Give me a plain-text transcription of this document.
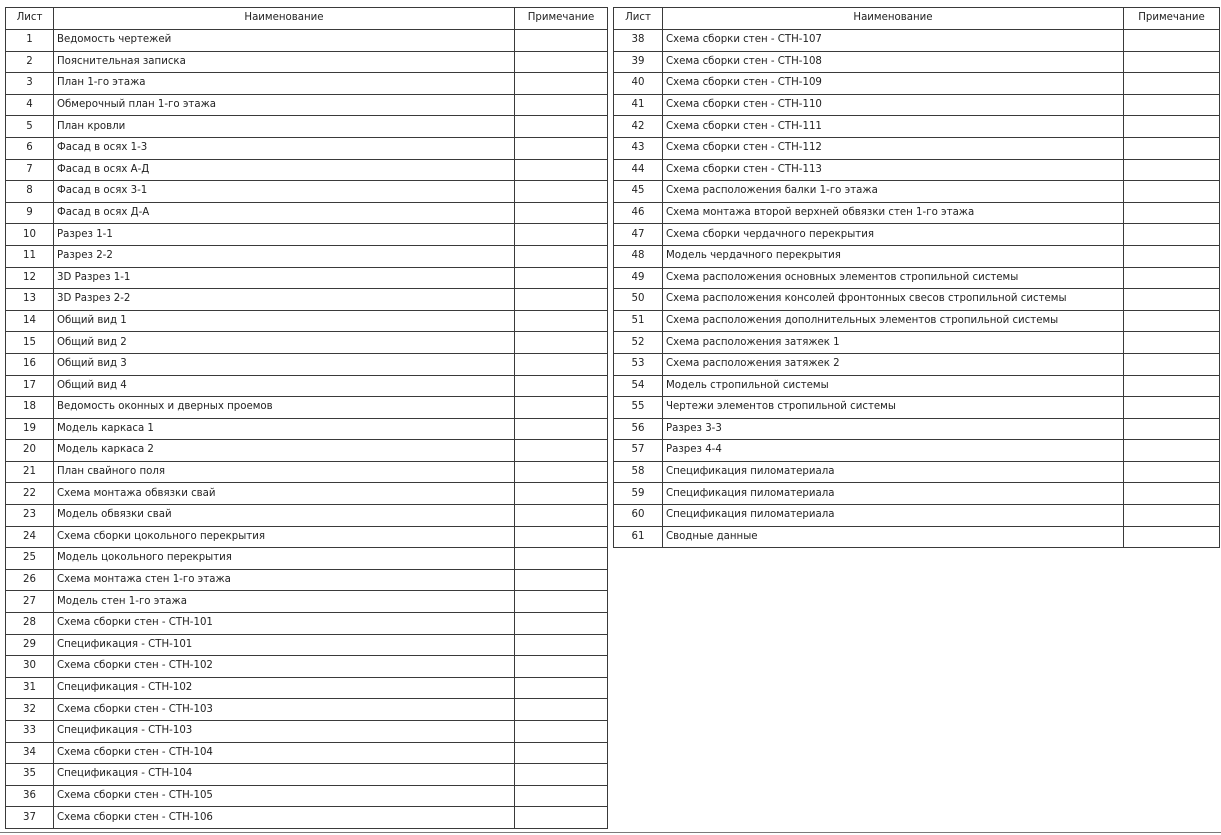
Лист	Наименование	Примечание
1	Ведомость чертежей	
2	Пояснительная записка	
3	План 1-го этажа	
4	Обмерочный план 1-го этажа	
5	План кровли	
6	Фасад в осях 1-3	
7	Фасад в осях А-Д	
8	Фасад в осях 3-1	
9	Фасад в осях Д-А	
10	Разрез 1-1	
11	Разрез 2-2	
12	3D Разрез 1-1	
13	3D Разрез 2-2	
14	Общий вид 1	
15	Общий вид 2	
16	Общий вид 3	
17	Общий вид 4	
18	Ведомость оконных и дверных проемов	
19	Модель каркаса 1	
20	Модель каркаса 2	
21	План свайного поля	
22	Схема монтажа обвязки свай	
23	Модель обвязки свай	
24	Схема сборки цокольного перекрытия	
25	Модель цокольного перекрытия	
26	Схема монтажа стен 1-го этажа	
27	Модель стен 1-го этажа	
28	Схема сборки стен - СТН-101	
29	Спецификация - СТН-101	
30	Схема сборки стен - СТН-102	
31	Спецификация - СТН-102	
32	Схема сборки стен - СТН-103	
33	Спецификация - СТН-103	
34	Схема сборки стен - СТН-104	
35	Спецификация - СТН-104	
36	Схема сборки стен - СТН-105	
37	Схема сборки стен - СТН-106	
Лист	Наименование	Примечание
38	Схема сборки стен - СТН-107	
39	Схема сборки стен - СТН-108	
40	Схема сборки стен - СТН-109	
41	Схема сборки стен - СТН-110	
42	Схема сборки стен - СТН-111	
43	Схема сборки стен - СТН-112	
44	Схема сборки стен - СТН-113	
45	Схема расположения балки 1-го этажа	
46	Схема монтажа второй верхней обвязки стен 1-го этажа	
47	Схема сборки чердачного перекрытия	
48	Модель чердачного перекрытия	
49	Схема расположения основных элементов стропильной системы	
50	Схема расположения консолей фронтонных свесов стропильной системы	
51	Схема расположения дополнительных элементов стропильной системы	
52	Схема расположения затяжек 1	
53	Схема расположения затяжек 2	
54	Модель стропильной системы	
55	Чертежи элементов стропильной системы	
56	Разрез 3-3	
57	Разрез 4-4	
58	Спецификация пиломатериала	
59	Спецификация пиломатериала	
60	Спецификация пиломатериала	
61	Сводные данные	
